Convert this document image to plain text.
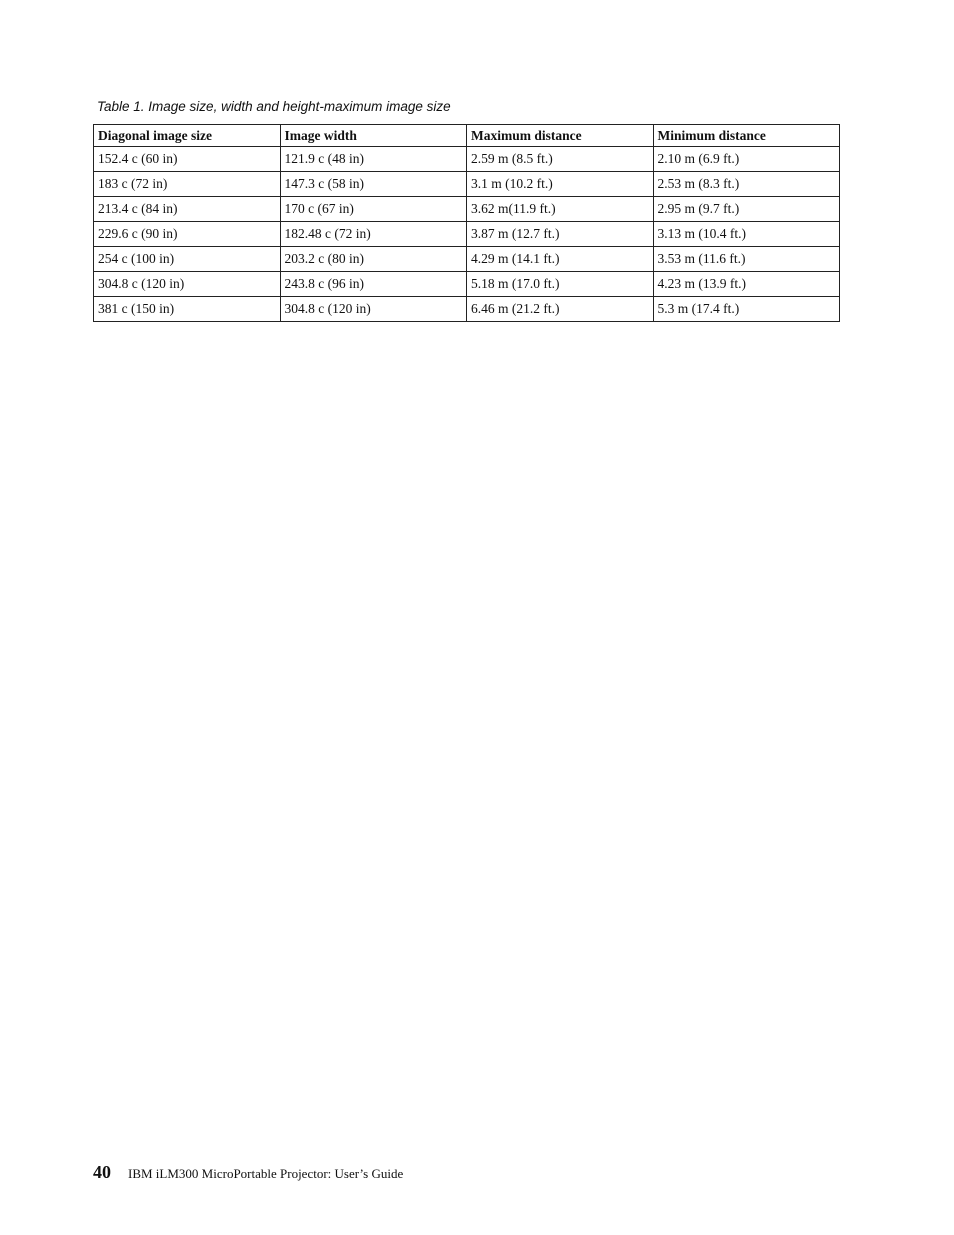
Table 1. Image size, width and height-maximum image size
Diagonal image size	Image width	Maximum distance	Minimum distance
152.4 c (60 in)	121.9 c (48 in)	2.59 m (8.5 ft.)	2.10 m (6.9 ft.)
183 c (72 in)	147.3 c (58 in)	3.1 m (10.2 ft.)	2.53 m (8.3 ft.)
213.4 c (84 in)	170 c (67 in)	3.62 m(11.9 ft.)	2.95 m (9.7 ft.)
229.6 c (90 in)	182.48 c (72 in)	3.87 m (12.7 ft.)	3.13 m (10.4 ft.)
254 c (100 in)	203.2 c (80 in)	4.29 m (14.1 ft.)	3.53 m (11.6 ft.)
304.8 c (120 in)	243.8 c (96 in)	5.18 m (17.0 ft.)	4.23 m (13.9 ft.)
381 c (150 in)	304.8 c (120 in)	6.46 m (21.2 ft.)	5.3 m (17.4 ft.)
40 IBM iLM300 MicroPortable Projector: User’s Guide
